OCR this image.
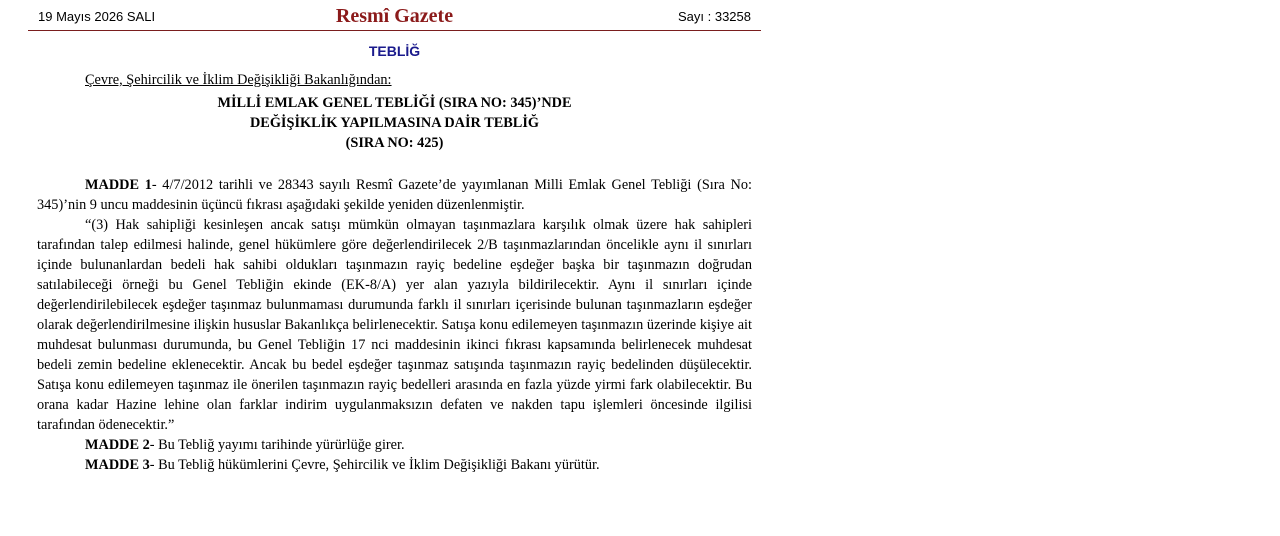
19 Mayıs 2026 SALI	Resmî Gazete	Sayı : 33258
TEBLİĞ
Çevre, Şehircilik ve İklim Değişikliği Bakanlığından:
MİLLİ EMLAK GENEL TEBLİĞİ (SIRA NO: 345)’NDE
DEĞİŞİKLİK YAPILMASINA DAİR TEBLİĞ
(SIRA NO: 425)

MADDE 1- 4/7/2012 tarihli ve 28343 sayılı Resmî Gazete’de yayımlanan Milli Emlak Genel Tebliği (Sıra No: 345)’nin 9 uncu maddesinin üçüncü fıkrası aşağıdaki şekilde yeniden düzenlenmiştir.

“(3) Hak sahipliği kesinleşen ancak satışı mümkün olmayan taşınmazlara karşılık olmak üzere hak sahipleri tarafından talep edilmesi halinde, genel hükümlere göre değerlendirilecek 2/B taşınmazlarından öncelikle aynı il sınırları içinde bulunanlardan bedeli hak sahibi oldukları taşınmazın rayiç bedeline eşdeğer başka bir taşınmazın doğrudan satılabileceği örneği bu Genel Tebliğin ekinde (EK-8/A) yer alan yazıyla bildirilecektir. Aynı il sınırları içinde değerlendirilebilecek eşdeğer taşınmaz bulunmaması durumunda farklı il sınırları içerisinde bulunan taşınmazların eşdeğer olarak değerlendirilmesine ilişkin hususlar Bakanlıkça belirlenecektir. Satışa konu edilemeyen taşınmazın üzerinde kişiye ait muhdesat bulunması durumunda, bu Genel Tebliğin 17 nci maddesinin ikinci fıkrası kapsamında belirlenecek muhdesat bedeli zemin bedeline eklenecektir. Ancak bu bedel eşdeğer taşınmaz satışında taşınmazın rayiç bedelinden düşülecektir. Satışa konu edilemeyen taşınmaz ile önerilen taşınmazın rayiç bedelleri arasında en fazla yüzde yirmi fark olabilecektir. Bu orana kadar Hazine lehine olan farklar indirim uygulanmaksızın defaten ve nakden tapu işlemleri öncesinde ilgilisi tarafından ödenecektir.”

MADDE 2- Bu Tebliğ yayımı tarihinde yürürlüğe girer.

MADDE 3- Bu Tebliğ hükümlerini Çevre, Şehircilik ve İklim Değişikliği Bakanı yürütür.
